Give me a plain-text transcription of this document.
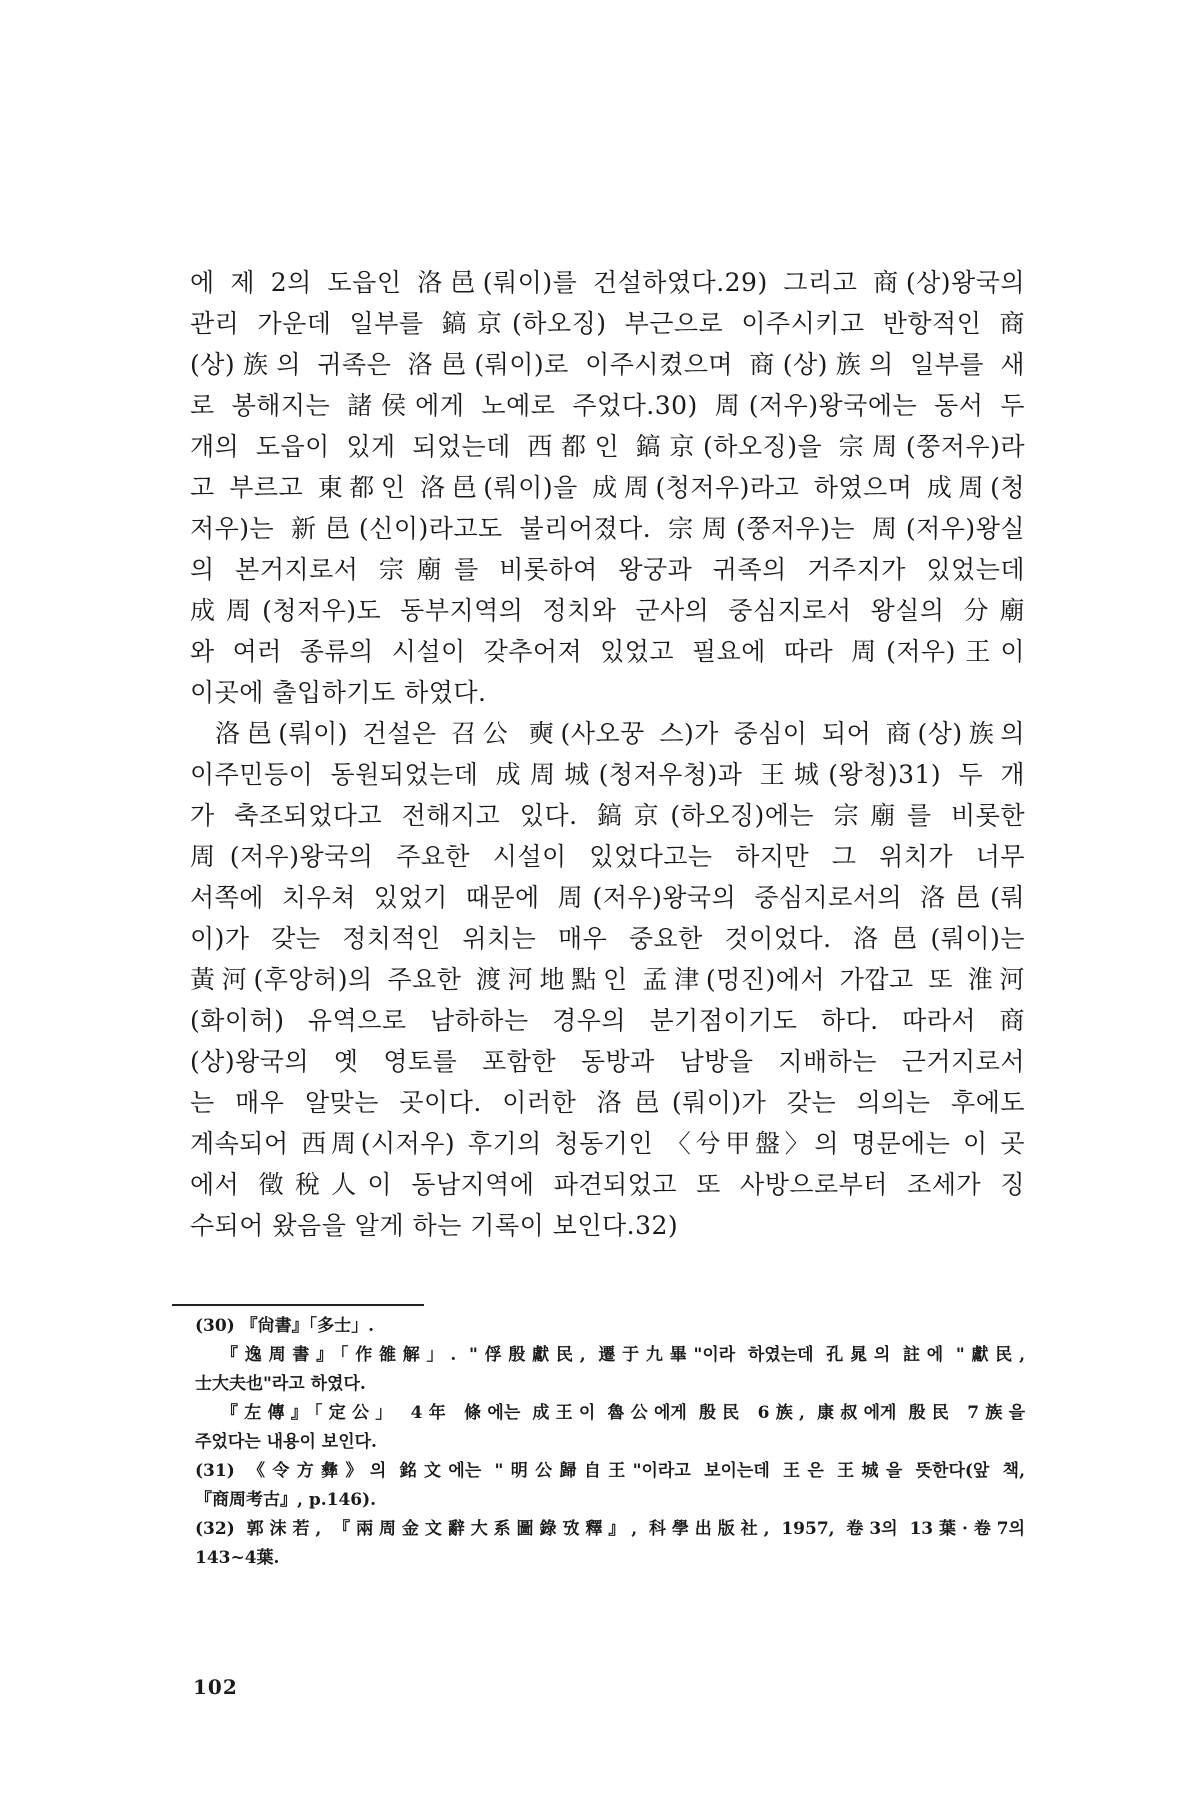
에 제 2의 도읍인 洛邑(뤄이)를 건설하였다.29) 그리고 商(상)왕국의
관리 가운데 일부를 鎬京(하오징) 부근으로 이주시키고 반항적인 商
(상)族의 귀족은 洛邑(뤄이)로 이주시켰으며 商(상)族의 일부를 새
로 봉해지는 諸侯에게 노예로 주었다.30) 周(저우)왕국에는 동서 두
개의 도읍이 있게 되었는데 西都인 鎬京(하오징)을 宗周(쭝저우)라
고 부르고 東都인 洛邑(뤄이)을 成周(청저우)라고 하였으며 成周(청
저우)는 新邑(신이)라고도 불리어졌다. 宗周(쭝저우)는 周(저우)왕실
의 본거지로서 宗廟를 비롯하여 왕궁과 귀족의 거주지가 있었는데
成周(청저우)도 동부지역의 정치와 군사의 중심지로서 왕실의 分廟
와 여러 종류의 시설이 갖추어져 있었고 필요에 따라 周(저우)王이
이곳에 출입하기도 하였다.
洛邑(뤄이) 건설은 召公 奭(사오꿍 스)가 중심이 되어 商(상)族의
이주민등이 동원되었는데 成周城(청저우청)과 王城(왕청)31) 두 개
가 축조되었다고 전해지고 있다. 鎬京(하오징)에는 宗廟를 비롯한
周(저우)왕국의 주요한 시설이 있었다고는 하지만 그 위치가 너무
서쪽에 치우쳐 있었기 때문에 周(저우)왕국의 중심지로서의 洛邑(뤄
이)가 갖는 정치적인 위치는 매우 중요한 것이었다. 洛邑(뤄이)는
黃河(후앙허)의 주요한 渡河地點인 孟津(멍진)에서 가깝고 또 淮河
(화이허) 유역으로 남하하는 경우의 분기점이기도 하다. 따라서 商
(상)왕국의 옛 영토를 포함한 동방과 남방을 지배하는 근거지로서
는 매우 알맞는 곳이다. 이러한 洛邑(뤄이)가 갖는 의의는 후에도
계속되어 西周(시저우) 후기의 청동기인 〈兮甲盤〉의 명문에는 이 곳
에서 徵稅人이 동남지역에 파견되었고 또 사방으로부터 조세가 징
수되어 왔음을 알게 하는 기록이 보인다.32)
(30) 『尙書』「多士」.
『逸周書』「作雒解」. "俘殷獻民, 遷于九畢"이라 하였는데 孔晁의 註에 "獻民,
士大夫也"라고 하였다.
『左傳』「定公」 4年 條에는 成王이 魯公에게 殷民 6族, 康叔에게 殷民 7族을
주었다는 내용이 보인다.
(31) 《令方彝》의 銘文에는 "明公歸自王"이라고 보이는데 王은 王城을 뜻한다(앞 책,
『商周考古』, p.146).
(32) 郭沫若, 『兩周金文辭大系圖錄攷釋』, 科學出版社, 1957, 卷3의 13葉·卷7의
143~4葉.
102
